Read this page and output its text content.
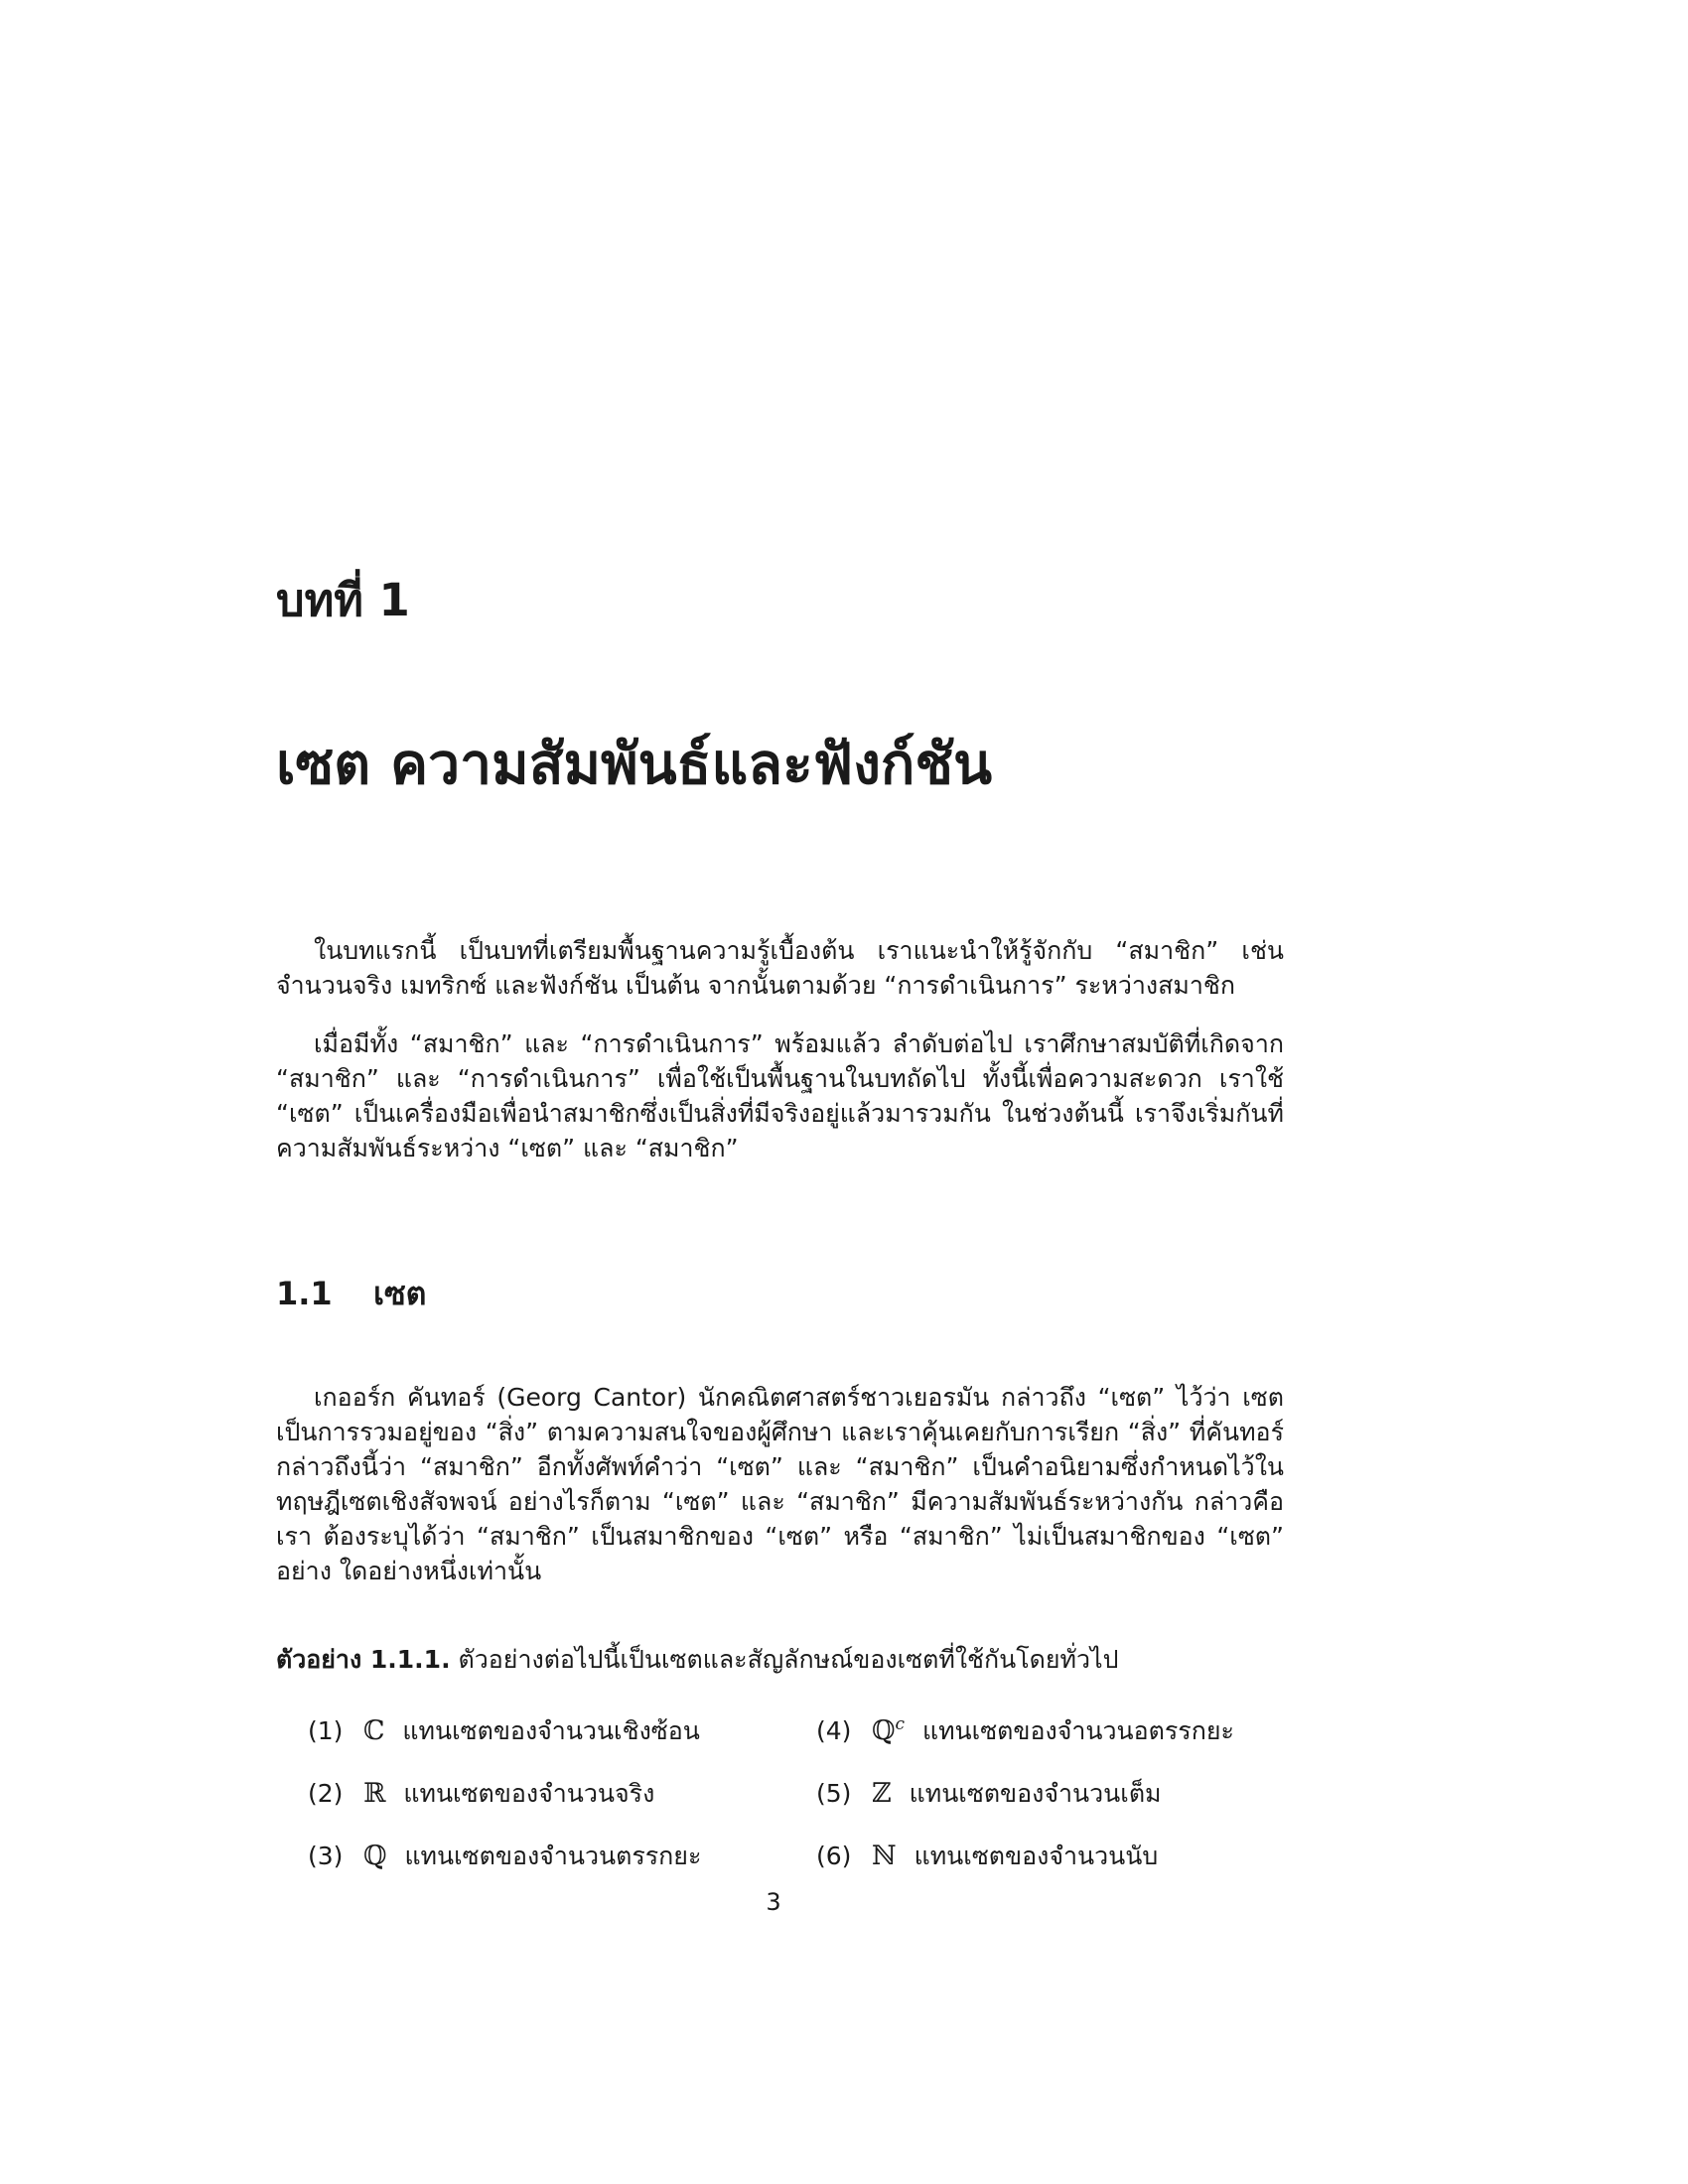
บทที่ 1
เซต ความสัมพันธ์และฟังก์ชัน

ในบทแรกนี้ เป็นบทที่เตรียมพื้นฐานความรู้เบื้องต้น เราแนะนำให้รู้จักกับ “สมาชิก” เช่น จำนวนจริง เมทริกซ์ และฟังก์ชัน เป็นต้น จากนั้นตามด้วย “การดำเนินการ” ระหว่างสมาชิก

เมื่อมีทั้ง “สมาชิก” และ “การดำเนินการ” พร้อมแล้ว ลำดับต่อไป เราศึกษาสมบัติที่เกิดจาก “สมาชิก” และ “การดำเนินการ” เพื่อใช้เป็นพื้นฐานในบทถัดไป ทั้งนี้เพื่อความสะดวก เราใช้ “เซต” เป็นเครื่องมือเพื่อนำสมาชิกซึ่งเป็นสิ่งที่มีจริงอยู่แล้วมารวมกัน ในช่วงต้นนี้ เราจึงเริ่มกันที่ ความสัมพันธ์ระหว่าง “เซต” และ “สมาชิก”

1.1 เซต

เกออร์ก คันทอร์ (Georg Cantor) นักคณิตศาสตร์ชาวเยอรมัน กล่าวถึง “เซต” ไว้ว่า เซต เป็นการรวมอยู่ของ “สิ่ง” ตามความสนใจของผู้ศึกษา และเราคุ้นเคยกับการเรียก “สิ่ง” ที่คันทอร์ กล่าวถึงนี้ว่า “สมาชิก” อีกทั้งศัพท์คำว่า “เซต” และ “สมาชิก” เป็นคำอนิยามซึ่งกำหนดไว้ใน ทฤษฎีเซตเชิงสัจพจน์ อย่างไรก็ตาม “เซต” และ “สมาชิก” มีความสัมพันธ์ระหว่างกัน กล่าวคือ เรา ต้องระบุได้ว่า “สมาชิก” เป็นสมาชิกของ “เซต” หรือ “สมาชิก” ไม่เป็นสมาชิกของ “เซต” อย่าง ใดอย่างหนึ่งเท่านั้น

ตัวอย่าง 1.1.1. ตัวอย่างต่อไปนี้เป็นเซตและสัญลักษณ์ของเซตที่ใช้กันโดยทั่วไป
(1) ℂ แทนเซตของจำนวนเชิงซ้อน	(4) ℚ$^c$ แทนเซตของจำนวนอตรรกยะ
(2) ℝ แทนเซตของจำนวนจริง	(5) ℤ แทนเซตของจำนวนเต็ม
(3) ℚ แทนเซตของจำนวนตรรกยะ	(6) ℕ แทนเซตของจำนวนนับ
3
